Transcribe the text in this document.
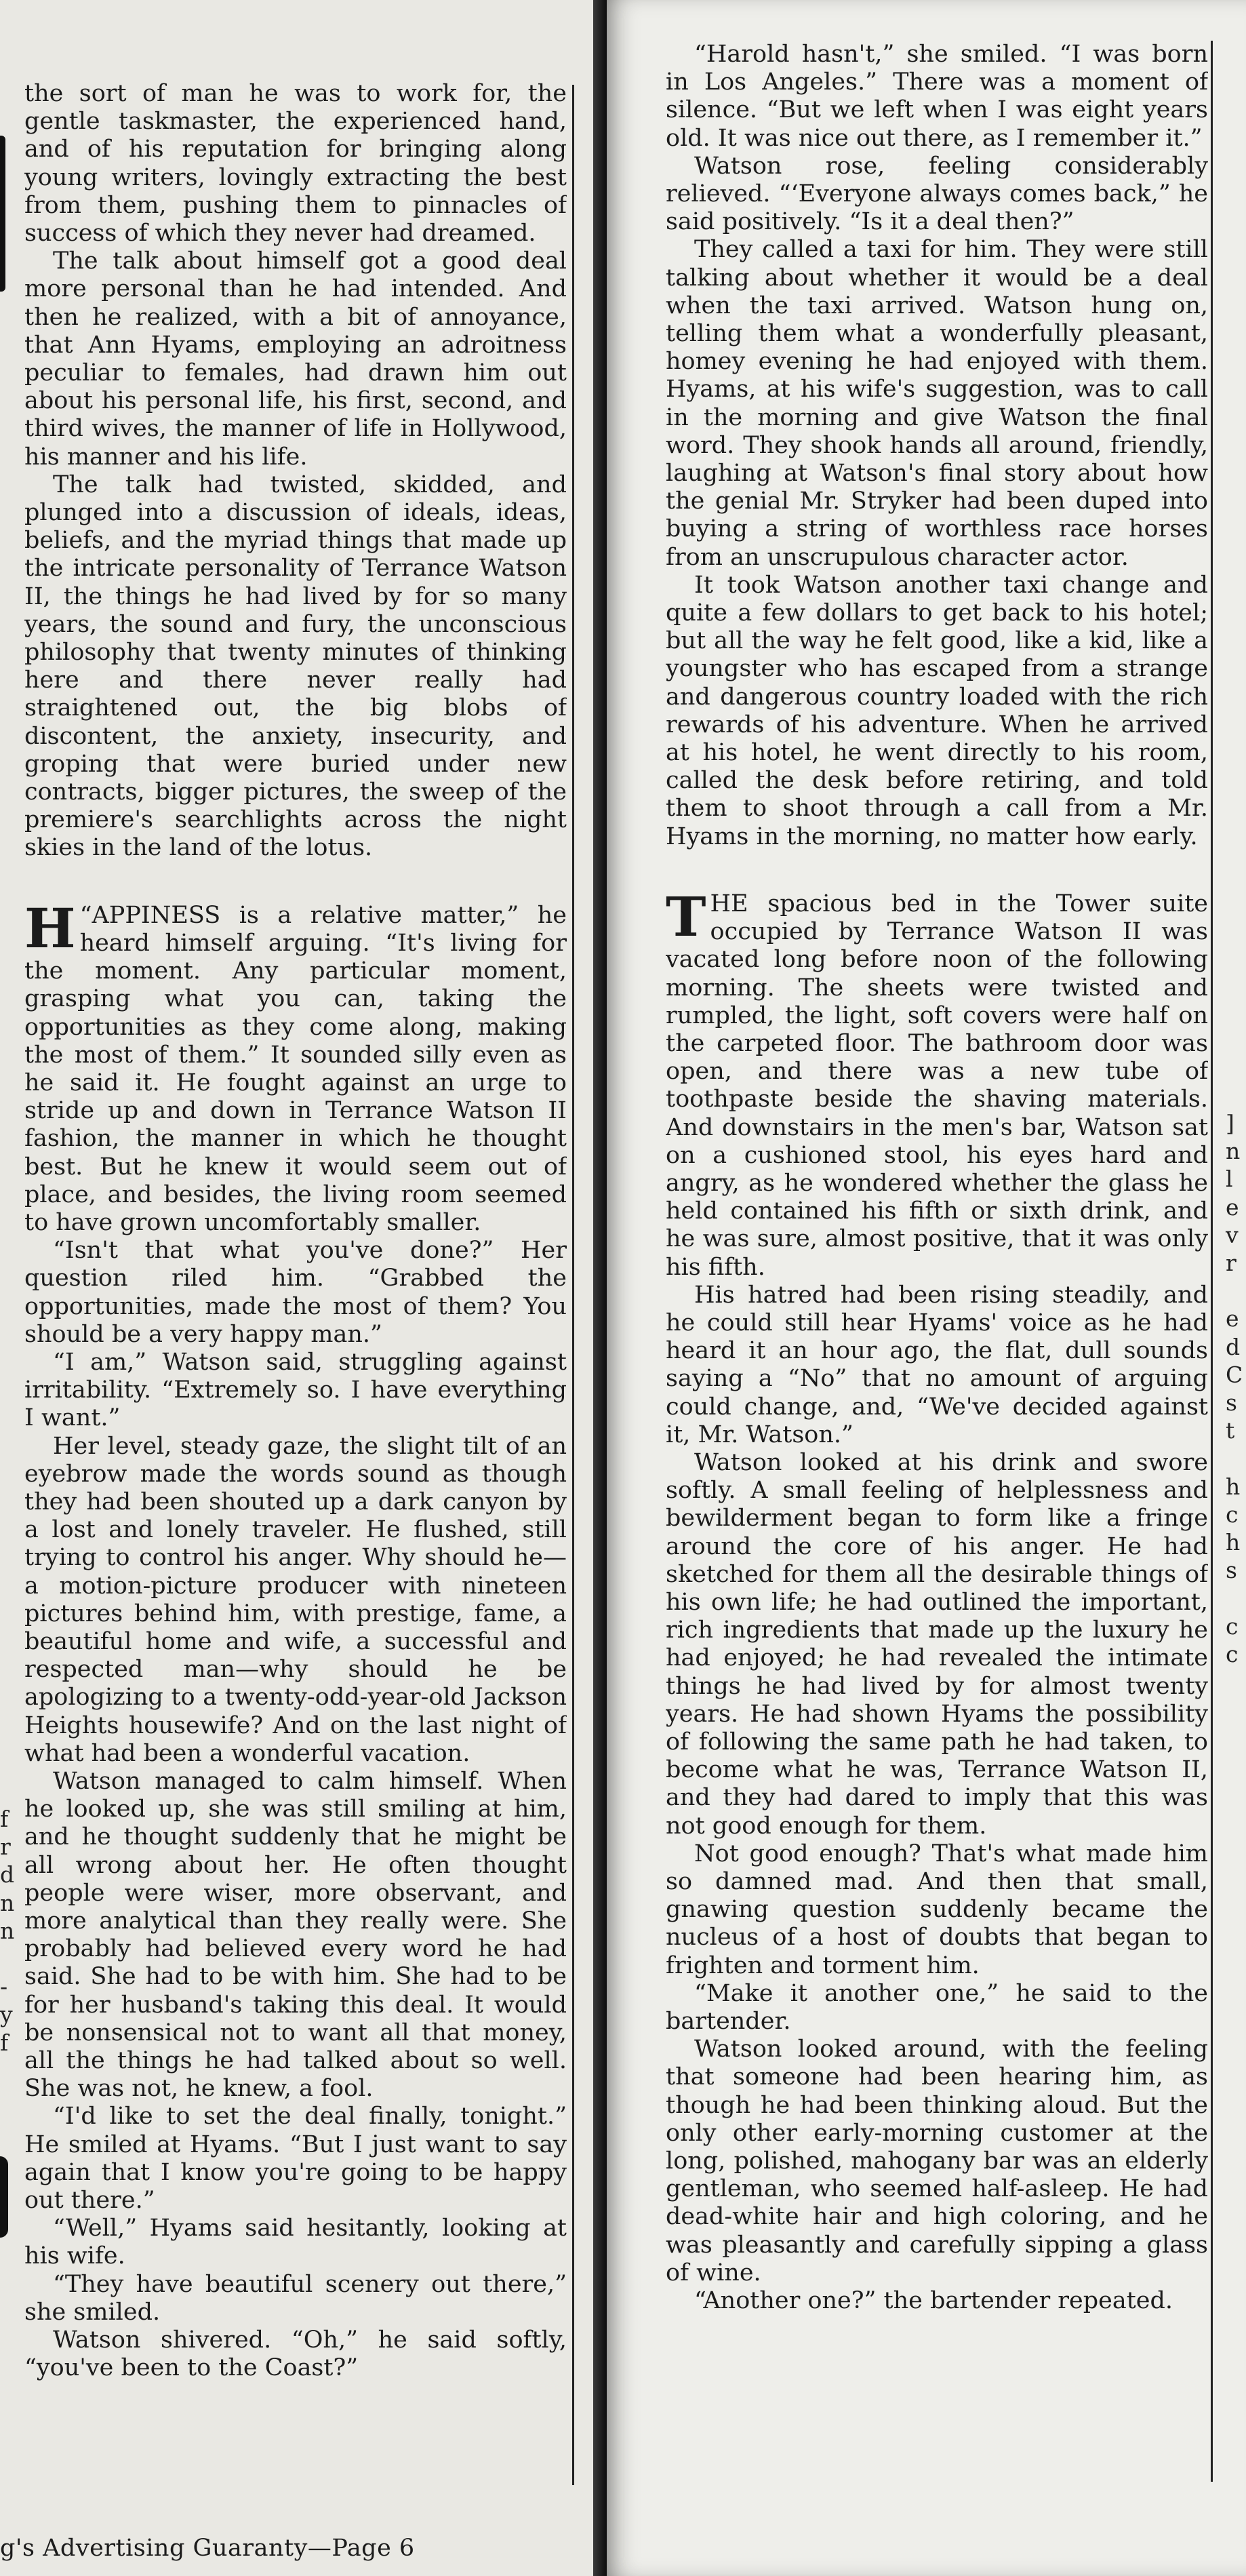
the sort of man he was to work for, the gentle taskmaster, the experienced hand, and of his reputation for bringing along young writers, lovingly extracting the best from them, pushing them to pinnacles of success of which they never had dreamed.

The talk about himself got a good deal more personal than he had intended. And then he realized, with a bit of annoyance, that Ann Hyams, employing an adroitness peculiar to females, had drawn him out about his personal life, his first, second, and third wives, the manner of life in Hollywood, his manner and his life.

The talk had twisted, skidded, and plunged into a discussion of ideals, ideas, beliefs, and the myriad things that made up the intricate personality of Terrance Watson II, the things he had lived by for so many years, the sound and fury, the unconscious philosophy that twenty minutes of thinking here and there never really had straightened out, the big blobs of discontent, the anxiety, insecurity, and groping that were buried under new contracts, bigger pictures, the sweep of the premiere's searchlights across the night skies in the land of the lotus.

“
H APPINESS is a relative matter,” he heard himself arguing. “It's living for the moment. Any particular moment, grasping what you can, taking the opportunities as they come along, making the most of them.” It sounded silly even as he said it. He fought against an urge to stride up and down in Terrance Watson II fashion, the manner in which he thought best. But he knew it would seem out of place, and besides, the living room seemed to have grown uncomfortably smaller.

“Isn't that what you've done?” Her question riled him. “Grabbed the opportunities, made the most of them? You should be a very happy man.”

“I am,” Watson said, struggling against irritability. “Extremely so. I have everything I want.”

Her level, steady gaze, the slight tilt of an eyebrow made the words sound as though they had been shouted up a dark canyon by a lost and lonely traveler. He flushed, still trying to control his anger. Why should he—a motion-picture producer with nineteen pictures behind him, with prestige, fame, a beautiful home and wife, a successful and respected man—why should he be apologizing to a twenty-odd-year-old Jackson Heights housewife? And on the last night of what had been a wonderful vacation.

Watson managed to calm himself. When he looked up, she was still smiling at him, and he thought suddenly that he might be all wrong about her. He often thought people were wiser, more observant, and more analytical than they really were. She probably had believed every word he had said. She had to be with him. She had to be for her husband's taking this deal. It would be nonsensical not to want all that money, all the things he had talked about so well. She was not, he knew, a fool.

“I'd like to set the deal finally, tonight.” He smiled at Hyams. “But I just want to say again that I know you're going to be happy out there.”

“Well,” Hyams said hesitantly, looking at his wife.

“They have beautiful scenery out there,” she smiled.

Watson shivered. “Oh,” he said softly, “you've been to the Coast?”

f
r
d
n
n

-
y
f
g's Advertising Guaranty—Page 6

“Harold hasn't,” she smiled. “I was born in Los Angeles.” There was a moment of silence. “But we left when I was eight years old. It was nice out there, as I remember it.”

Watson rose, feeling considerably relieved. “‘Everyone always comes back,” he said positively. “Is it a deal then?”

They called a taxi for him. They were still talking about whether it would be a deal when the taxi arrived. Watson hung on, telling them what a wonderfully pleasant, homey evening he had enjoyed with them. Hyams, at his wife's suggestion, was to call in the morning and give Watson the final word. They shook hands all around, friendly, laughing at Watson's final story about how the genial Mr. Stryker had been duped into buying a string of worthless race horses from an unscrupulous character actor.

It took Watson another taxi change and quite a few dollars to get back to his hotel; but all the way he felt good, like a kid, like a youngster who has escaped from a strange and dangerous country loaded with the rich rewards of his adventure. When he arrived at his hotel, he went directly to his room, called the desk before retiring, and told them to shoot through a call from a Mr. Hyams in the morning, no matter how early.

THE spacious bed in the Tower suite occupied by Terrance Watson II was vacated long before noon of the following morning. The sheets were twisted and rumpled, the light, soft covers were half on the carpeted floor. The bathroom door was open, and there was a new tube of toothpaste beside the shaving materials. And downstairs in the men's bar, Watson sat on a cushioned stool, his eyes hard and angry, as he wondered whether the glass he held contained his fifth or sixth drink, and he was sure, almost positive, that it was only his fifth.

His hatred had been rising steadily, and he could still hear Hyams' voice as he had heard it an hour ago, the flat, dull sounds saying a “No” that no amount of arguing could change, and, “We've decided against it, Mr. Watson.”

Watson looked at his drink and swore softly. A small feeling of helplessness and bewilderment began to form like a fringe around the core of his anger. He had sketched for them all the desirable things of his own life; he had outlined the important, rich ingredients that made up the luxury he had enjoyed; he had revealed the intimate things he had lived by for almost twenty years. He had shown Hyams the possibility of following the same path he had taken, to become what he was, Terrance Watson II, and they had dared to imply that this was not good enough for them.

Not good enough? That's what made him so damned mad. And then that small, gnawing question suddenly became the nucleus of a host of doubts that began to frighten and torment him.

“Make it another one,” he said to the bartender.

Watson looked around, with the feeling that someone had been hearing him, as though he had been thinking aloud. But the only other early-morning customer at the long, polished, mahogany bar was an elderly gentleman, who seemed half-asleep. He had dead-white hair and high coloring, and he was pleasantly and carefully sipping a glass of wine.

“Another one?” the bartender repeated.

]
n
l
e
v
r

e
d
C
s
t

h
c
h
s

c
c
